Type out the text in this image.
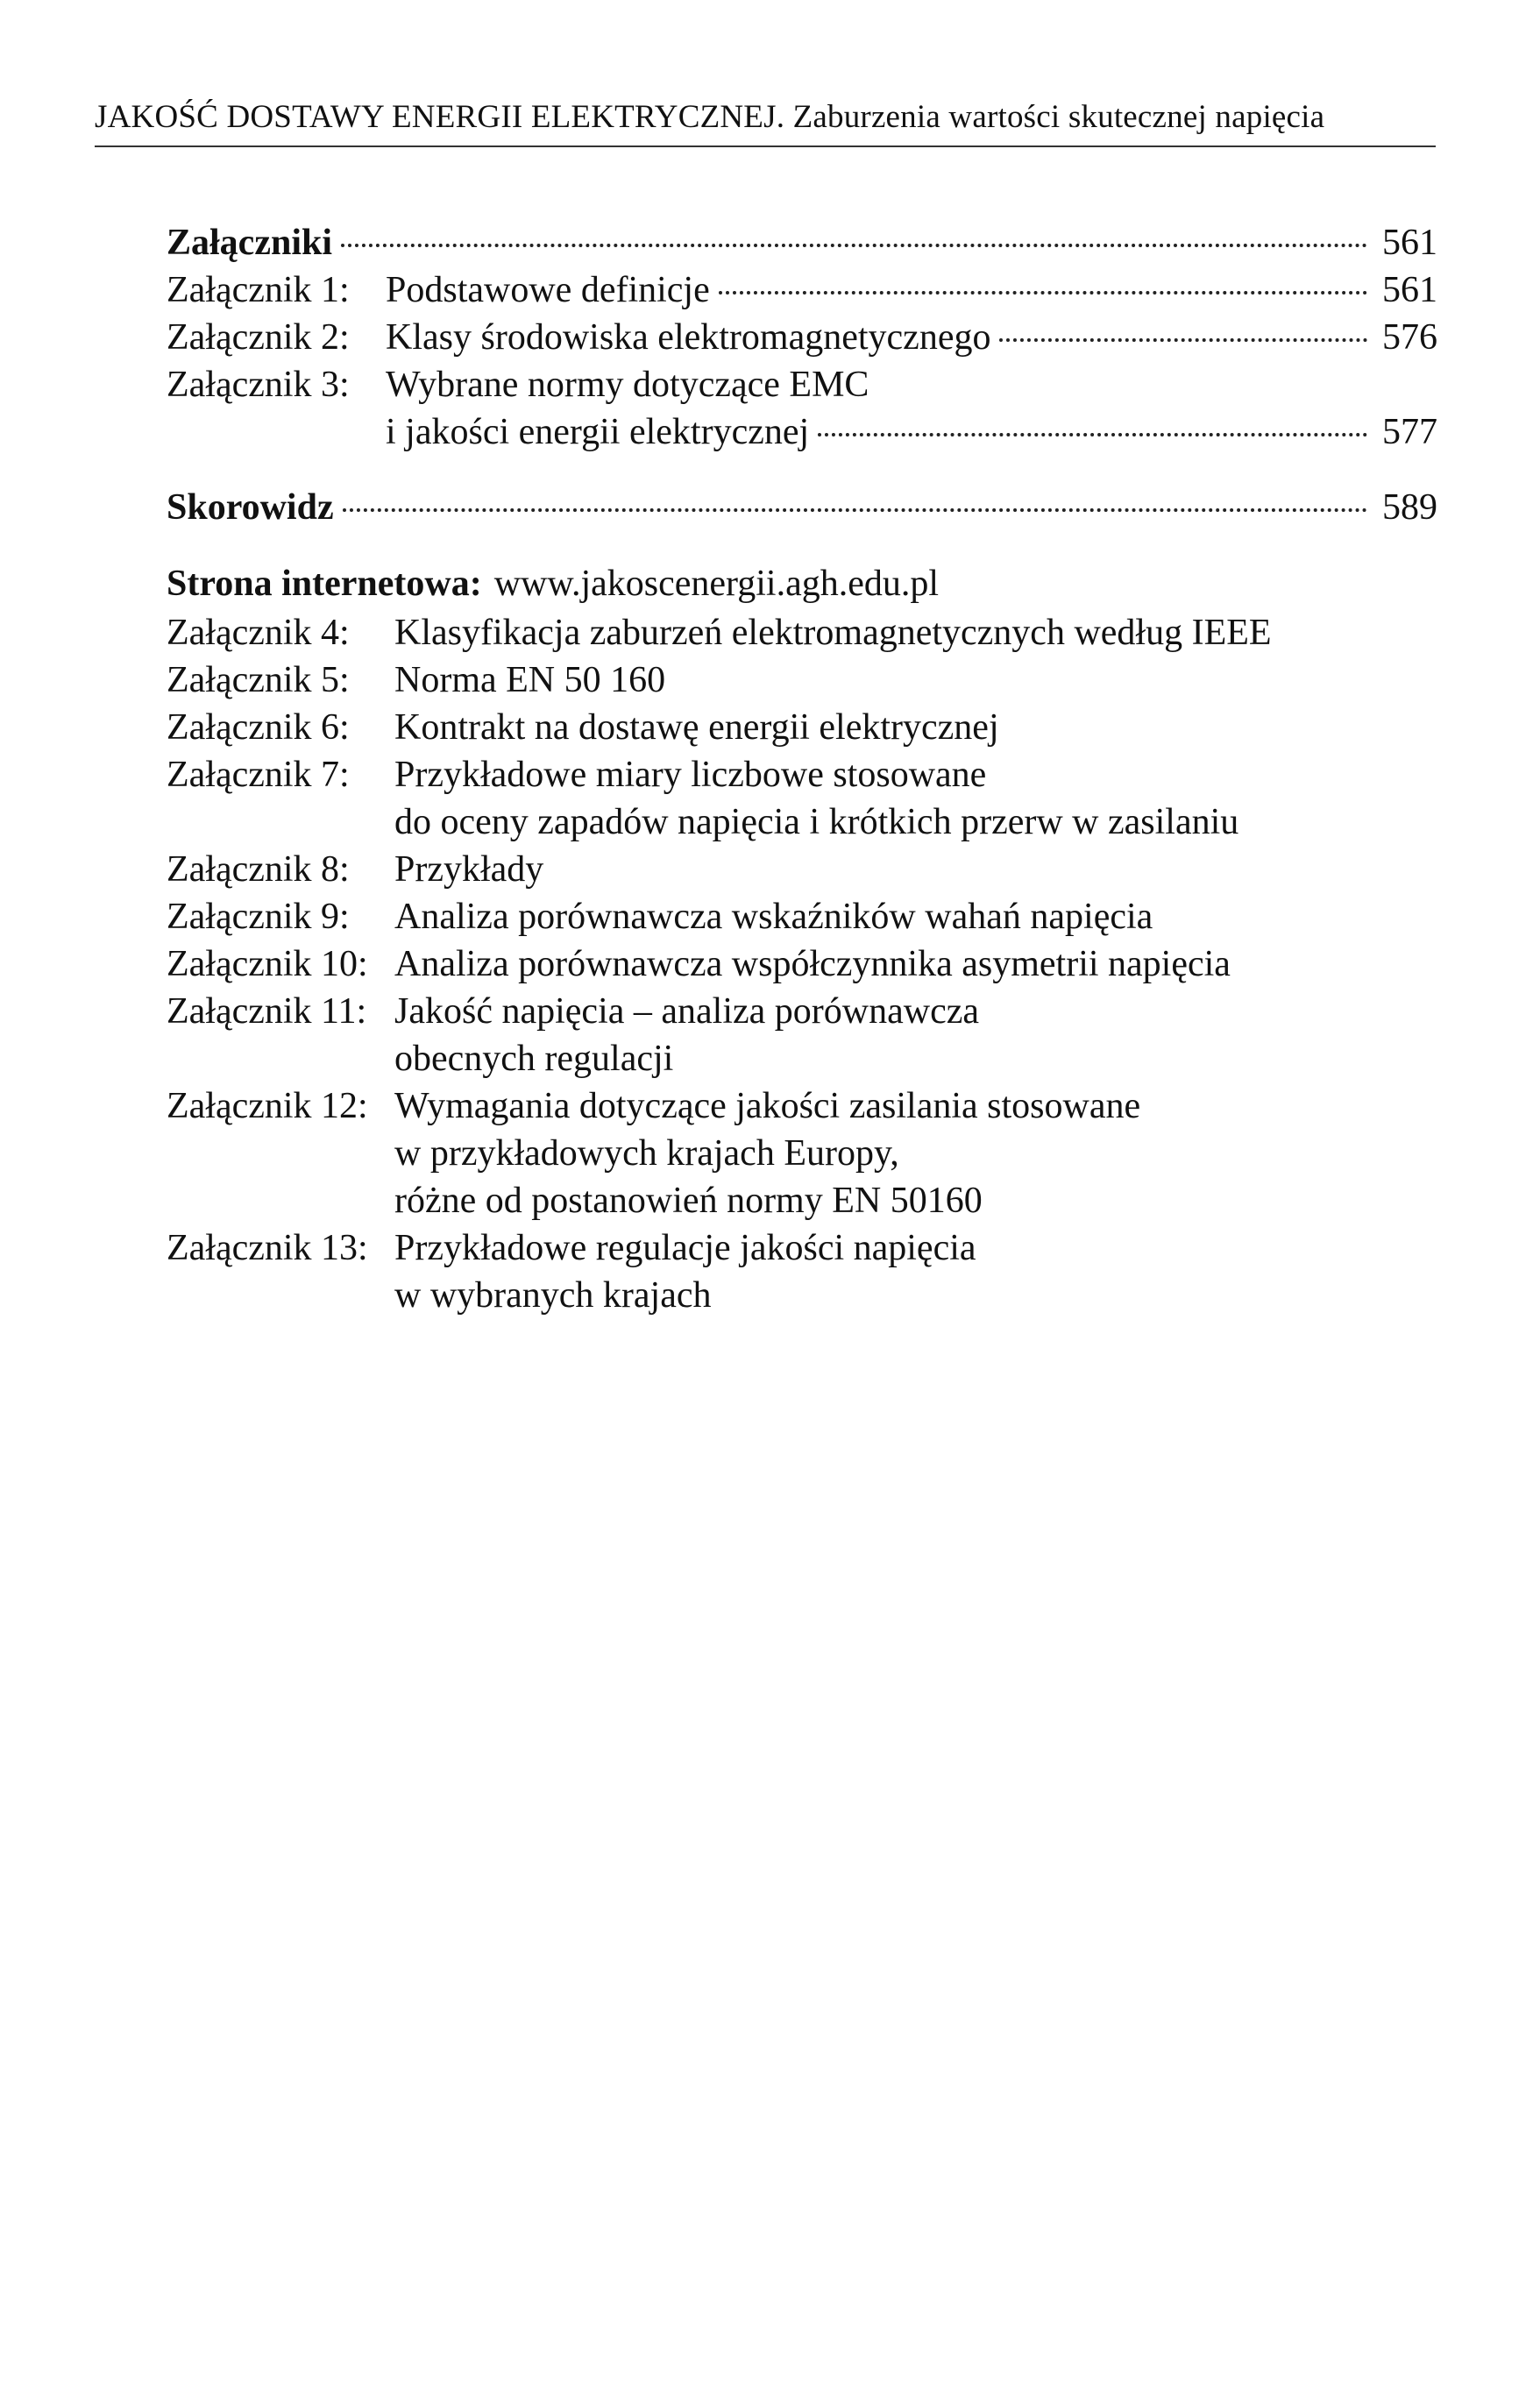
JAKOŚĆ DOSTAWY ENERGII ELEKTRYCZNEJ. Zaburzenia wartości skutecznej napięcia
Załączniki	561
Załącznik 1: Podstawowe definicje	561
Załącznik 2: Klasy środowiska elektromagnetycznego	576
Załącznik 3: Wybrane normy dotyczące EMC
i jakości energii elektrycznej	577
Skorowidz	589
Strona internetowa: www.jakoscenergii.agh.edu.pl
Załącznik 4:	Klasyfikacja zaburzeń elektromagnetycznych według IEEE
Załącznik 5:	Norma EN 50 160
Załącznik 6:	Kontrakt na dostawę energii elektrycznej
Załącznik 7:	Przykładowe miary liczbowe stosowane
do oceny zapadów napięcia i krótkich przerw w zasilaniu
Załącznik 8:	Przykłady
Załącznik 9:	Analiza porównawcza wskaźników wahań napięcia
Załącznik 10: Analiza porównawcza współczynnika asymetrii napięcia
Załącznik 11: Jakość napięcia – analiza porównawcza
obecnych regulacji
Załącznik 12: Wymagania dotyczące jakości zasilania stosowane
w przykładowych krajach Europy,
różne od postanowień normy EN 50160
Załącznik 13: Przykładowe regulacje jakości napięcia
w wybranych krajach
